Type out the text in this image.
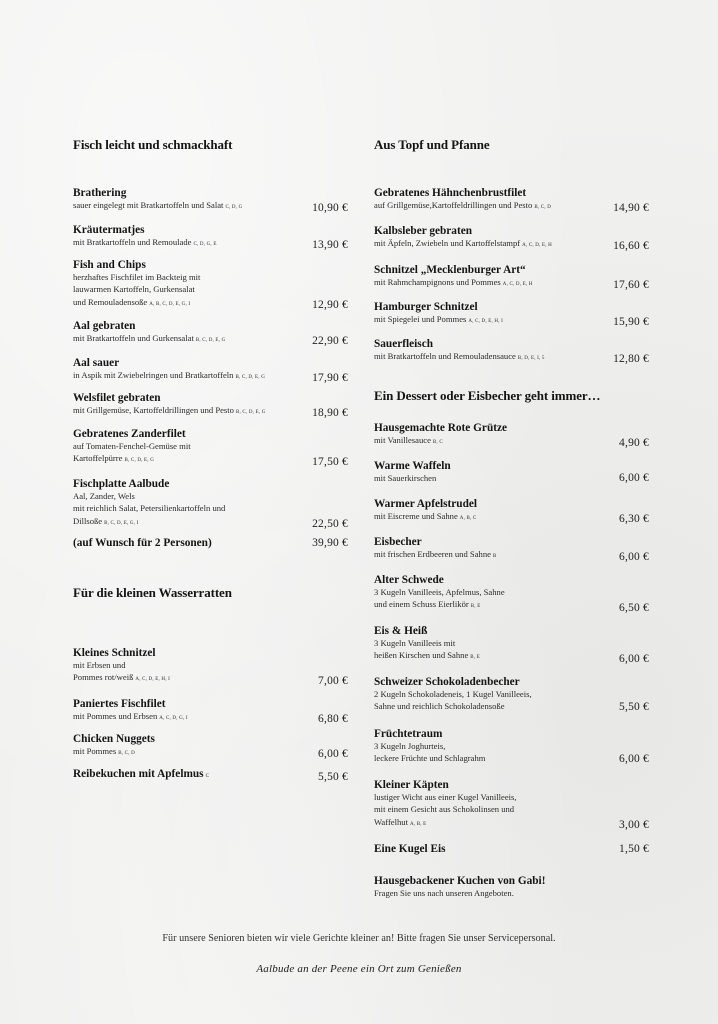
Fisch leicht und schmackhaft
Brathering
sauer eingelegt mit Bratkartoffeln und Salat C, D, G	10,90 €
Kräutermatjes
mit Bratkartoffeln und Remoulade C, D, G, E	13,90 €
Fish and Chips
herzhaftes Fischfilet im Backteig mit
lauwarmen Kartoffeln, Gurkensalat
und Remouladensoße A, B, C, D, E, G, I	12,90 €
Aal gebraten
mit Bratkartoffeln und Gurkensalat B, C, D, E, G	22,90 €
Aal sauer
in Aspik mit Zwiebelringen und Bratkartoffeln B, C, D, E, G	17,90 €
Welsfilet gebraten
mit Grillgemüse, Kartoffeldrillingen und Pesto B, C, D, E, G	18,90 €
Gebratenes Zanderfilet
auf Tomaten-Fenchel-Gemüse mit
Kartoffelpürre B, C, D, E, G	17,50 €
Fischplatte Aalbude
Aal, Zander, Wels
mit reichlich Salat, Petersilienkartoffeln und
Dillsoße B, C, D, E, G, I	22,50 €
(auf Wunsch für 2 Personen)	39,90 €
Für die kleinen Wasserratten
Kleines Schnitzel
mit Erbsen und
Pommes rot/weiß A, C, D, E, H, I	7,00 €
Paniertes Fischfilet
mit Pommes und Erbsen A, C, D, G, I	6,80 €
Chicken Nuggets
mit Pommes B, C, D	6,00 €
Reibekuchen mit Apfelmus C	5,50 €
Aus Topf und Pfanne
Gebratenes Hähnchenbrustfilet
auf Grillgemüse,Kartoffeldrillingen und Pesto B, C, D	14,90 €
Kalbsleber gebraten
mit Äpfeln, Zwiebeln und Kartoffelstampf A, C, D, E, H	16,60 €
Schnitzel „Mecklenburger Art“
mit Rahmchampignons und Pommes A, C, D, E, H	17,60 €
Hamburger Schnitzel
mit Spiegelei und Pommes A, C, D, E, H, I	15,90 €
Sauerfleisch
mit Bratkartoffeln und Remouladensauce B, D, E, I, 5	12,80 €
Ein Dessert oder Eisbecher geht immer…
Hausgemachte Rote Grütze
mit Vanillesauce B, C	4,90 €
Warme Waffeln
mit Sauerkirschen	6,00 €
Warmer Apfelstrudel
mit Eiscreme und Sahne A, B, C	6,30 €
Eisbecher
mit frischen Erdbeeren und Sahne B	6,00 €
Alter Schwede
3 Kugeln Vanilleeis, Apfelmus, Sahne
und einem Schuss Eierlikör B, E	6,50 €
Eis & Heiß
3 Kugeln Vanilleeis mit
heißen Kirschen und Sahne B, E	6,00 €
Schweizer Schokoladenbecher
2 Kugeln Schokoladeneis, 1 Kugel Vanilleeis,
Sahne und reichlich Schokoladensoße	5,50 €
Früchtetraum
3 Kugeln Joghurteis,
leckere Früchte und Schlagrahm	6,00 €
Kleiner Käpten
lustiger Wicht aus einer Kugel Vanilleeis,
mit einem Gesicht aus Schokolinsen und
Waffelhut A, B, E	3,00 €
Eine Kugel Eis	1,50 €
Hausgebackener Kuchen von Gabi!
Fragen Sie uns nach unseren Angeboten.
Für unsere Senioren bieten wir viele Gerichte kleiner an! Bitte fragen Sie unser Servicepersonal.
Aalbude an der Peene ein Ort zum Genießen
